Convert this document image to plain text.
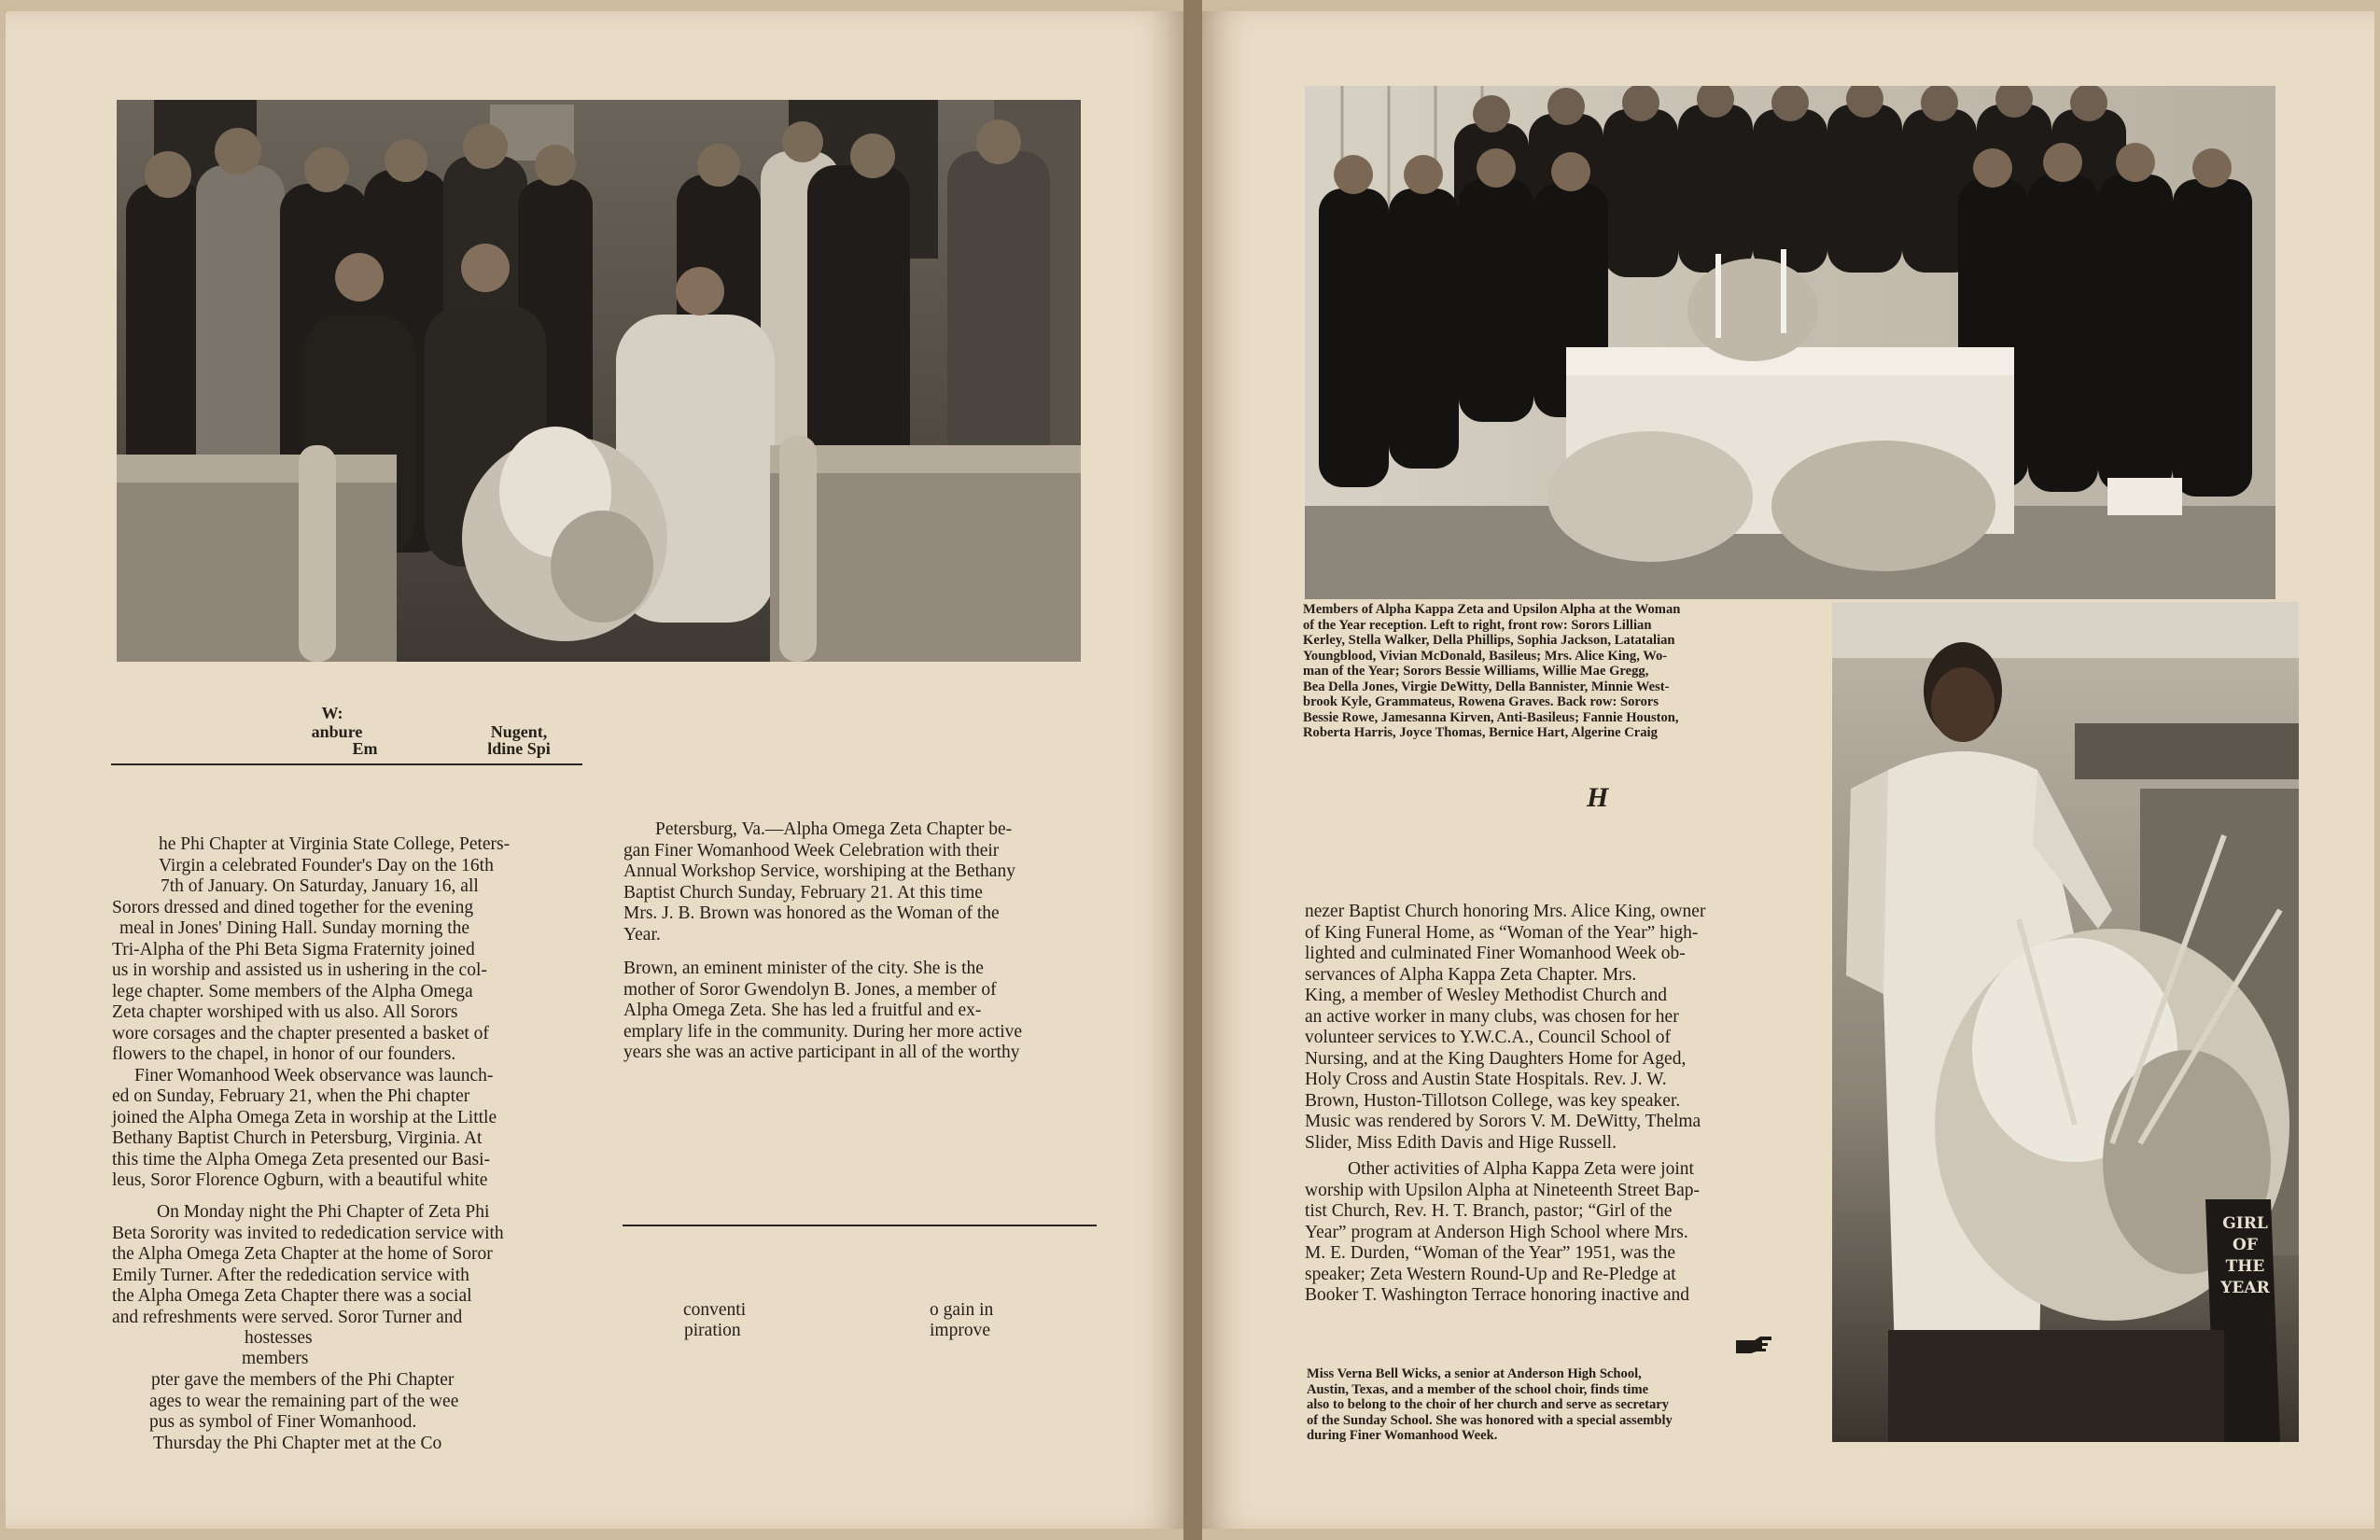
W:
anbure
Em
Nugent,
ldine Spi
he Phi Chapter at Virginia State College, Peters-
Virgin a celebrated Founder's Day on the 16th
7th of January. On Saturday, January 16, all
Sorors dressed and dined together for the evening
meal in Jones' Dining Hall. Sunday morning the
Tri-Alpha of the Phi Beta Sigma Fraternity joined
us in worship and assisted us in ushering in the col-
lege chapter. Some members of the Alpha Omega
Zeta chapter worshiped with us also. All Sorors
wore corsages and the chapter presented a basket of
flowers to the chapel, in honor of our founders.
Finer Womanhood Week observance was launch-
ed on Sunday, February 21, when the Phi chapter
joined the Alpha Omega Zeta in worship at the Little
Bethany Baptist Church in Petersburg, Virginia. At
this time the Alpha Omega Zeta presented our Basi-
leus, Soror Florence Ogburn, with a beautiful white
On Monday night the Phi Chapter of Zeta Phi
Beta Sorority was invited to rededication service with
the Alpha Omega Zeta Chapter at the home of Soror
Emily Turner. After the rededication service with
the Alpha Omega Zeta Chapter there was a social
and refreshments were served. Soror Turner and
hostesses
members
pter gave the members of the Phi Chapter
ages to wear the remaining part of the wee
pus as symbol of Finer Womanhood.
Thursday the Phi Chapter met at the Co
Petersburg, Va.—Alpha Omega Zeta Chapter be-
gan Finer Womanhood Week Celebration with their
Annual Workshop Service, worshiping at the Bethany
Baptist Church Sunday, February 21. At this time
Mrs. J. B. Brown was honored as the Woman of the
Year.
Brown, an eminent minister of the city. She is the
mother of Soror Gwendolyn B. Jones, a member of
Alpha Omega Zeta. She has led a fruitful and ex-
emplary life in the community. During her more active
years she was an active participant in all of the worthy
conventi
piration
o gain in
improve

Members of Alpha Kappa Zeta and Upsilon Alpha at the Woman
of the Year reception. Left to right, front row: Sorors Lillian
Kerley, Stella Walker, Della Phillips, Sophia Jackson, Latatalian
Youngblood, Vivian McDonald, Basileus; Mrs. Alice King, Wo-
man of the Year; Sorors Bessie Williams, Willie Mae Gregg,
Bea Della Jones, Virgie DeWitty, Della Bannister, Minnie West-
brook Kyle, Grammateus, Rowena Graves. Back row: Sorors
Bessie Rowe, Jamesanna Kirven, Anti-Basileus; Fannie Houston,
Roberta Harris, Joyce Thomas, Bernice Hart, Algerine Craig

H
nezer Baptist Church honoring Mrs. Alice King, owner
of King Funeral Home, as “Woman of the Year” high-
lighted and culminated Finer Womanhood Week ob-
servances of Alpha Kappa Zeta Chapter. Mrs.
King, a member of Wesley Methodist Church and
an active worker in many clubs, was chosen for her
volunteer services to Y.W.C.A., Council School of
Nursing, and at the King Daughters Home for Aged,
Holy Cross and Austin State Hospitals. Rev. J. W.
Brown, Huston-Tillotson College, was key speaker.
Music was rendered by Sorors V. M. DeWitty, Thelma
Slider, Miss Edith Davis and Hige Russell.
Other activities of Alpha Kappa Zeta were joint
worship with Upsilon Alpha at Nineteenth Street Bap-
tist Church, Rev. H. T. Branch, pastor; “Girl of the
Year” program at Anderson High School where Mrs.
M. E. Durden, “Woman of the Year” 1951, was the
speaker; Zeta Western Round-Up and Re-Pledge at
Booker T. Washington Terrace honoring inactive and

Miss Verna Bell Wicks, a senior at Anderson High School,
Austin, Texas, and a member of the school choir, finds time
also to belong to the choir of her church and serve as secretary
of the Sunday School. She was honored with a special assembly
during Finer Womanhood Week.

GIRL
OF
THE
YEAR
